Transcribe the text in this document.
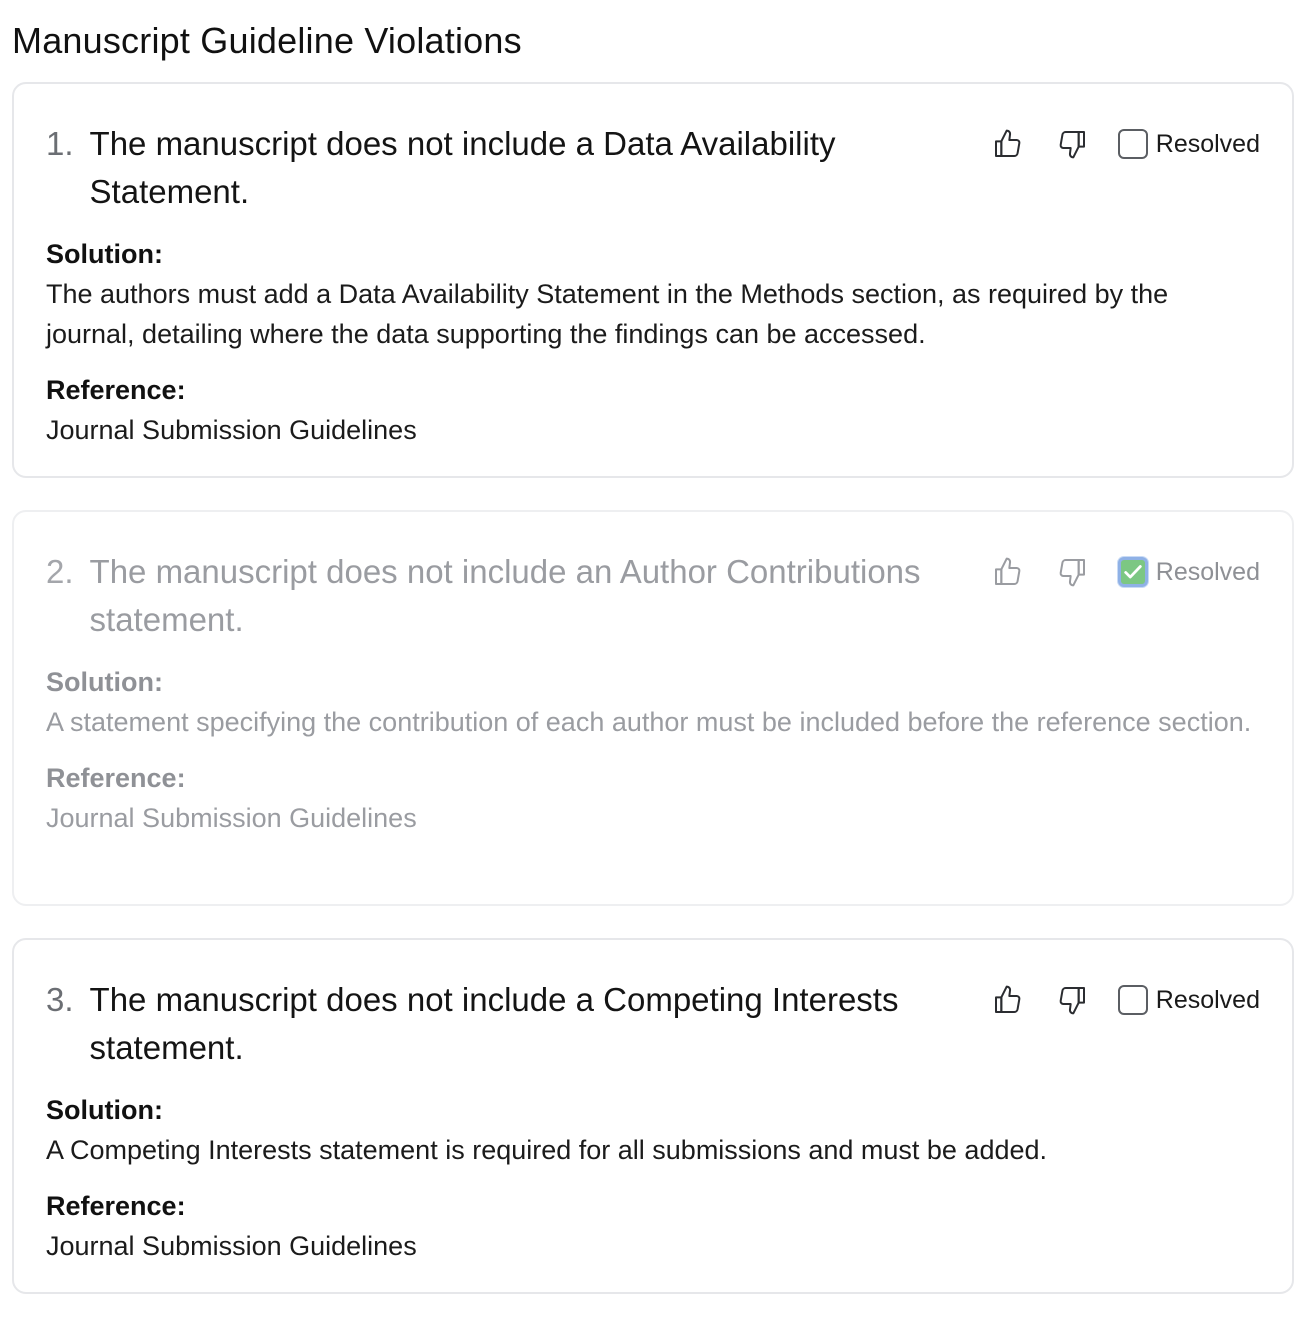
Manuscript Guideline Violations
1. The manuscript does not include a Data Availability Statement.
Resolved
Solution:
The authors must add a Data Availability Statement in the Methods section, as required by the journal, detailing where the data supporting the findings can be accessed.
Reference:
Journal Submission Guidelines
2. The manuscript does not include an Author Contributions statement.
Resolved
Solution:
A statement specifying the contribution of each author must be included before the reference section.
Reference:
Journal Submission Guidelines
3. The manuscript does not include a Competing Interests statement.
Resolved
Solution:
A Competing Interests statement is required for all submissions and must be added.
Reference:
Journal Submission Guidelines
